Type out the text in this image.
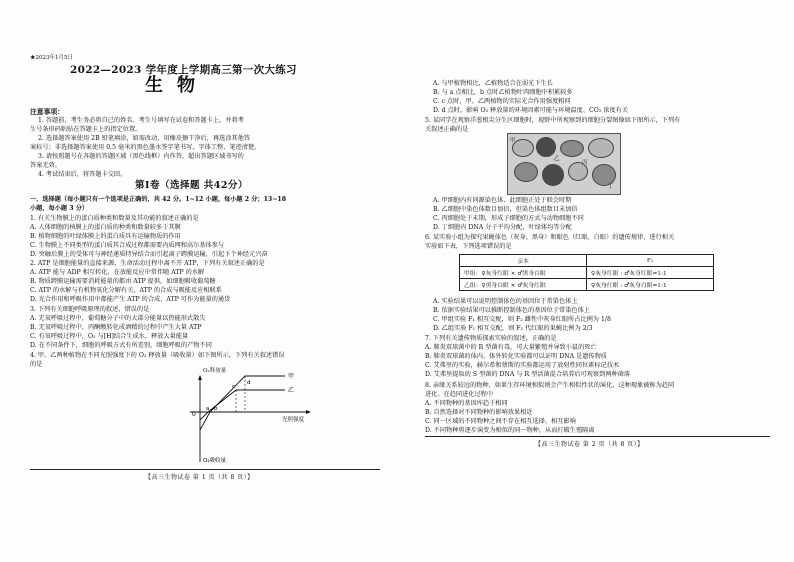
★2023年1月5日
2022—2023 学年度上学期高三第一次大练习
生物
注意事项：
1. 答题前，考生务必将自己的姓名、考生号填写在试卷和答题卡上，并将考
生号条形码粘贴在答题卡上的指定位置。
2. 选择题答案使用 2B 铅笔填涂，如需改动，用橡皮擦干净后，再选涂其他答
案标号；非选择题答案使用 0.5 毫米的黑色墨水签字笔书写，字体工整、笔迹清楚。
3. 请按照题号在各题的答题区域（黑色线框）内作答，超出答题区域书写的
答案无效。
4. 考试结束后，将答题卡交回。
第Ⅰ卷（选择题 共42分）
一、选择题（每小题只有一个选项是正确的，共 42 分。1~12 小题，每小题 2 分；13~18
小题，每小题 3 分）
1. 有关生物膜上的蛋白质种类和数量及其功能的叙述正确的是
A. 人体细胞的核膜上的蛋白质的种类和数量较多于其膜
B. 植物细胞的叶绿体膜上的蛋白质具有运输物质的作用
C. 生物膜上不同类型的蛋白质其合成过程都需要内质网和高尔基体参与
D. 突触后膜上的受体可与神经递质特异结合而引起离子跨膜运输，引起下个神经元兴奋
2. ATP 是细胞能量的直接来源，生命活动过程中离不开 ATP，下列有关叙述正确的是
A. ATP 能与 ADP 相互转化，在放能反应中常伴随 ATP 的水解
B. 物质跨膜运输需要消耗能量的都由 ATP 提供，如细胞吸收葡萄糖
C. ATP 的水解与有机物氧化分解有关，ATP 的合成与吸能反应相联系
D. 光合作用和呼吸作用中都能产生 ATP 的合成，ATP 可作为能量的通货
3. 下列有关细胞呼吸原理的叙述，错误的是
A. 无氧呼吸过程中，葡萄糖分子中的大部分能量以热能形式散失
B. 无氧呼吸过程中，丙酮酸转化成酒精的过程中产生大量 ATP
C. 有氧呼吸过程中，O₂ 与[H]结合生成水，释放大量能量
D. 在不同条件下，细胞的呼吸方式有所差别，细胞呼吸的产物不同
4. 甲、乙两种植物在不同光照强度下的 O₂ 释放量（吸收量）如下图所示，下列有关叙述错误
的是
0
a b
c
d
甲
乙
光照强度
O₂吸收量
O₂释放量
【高三生物试卷 第 1 页（共 8 页）】
A. 与甲植物相比，乙植物适合在弱光下生长
B. 与 a 点相比，b 点时乙植物叶肉细胞中积累较多
C. c 点时，甲、乙两植物的实际光合作用强度相同
D. d 点时，影响 O₂ 释放量的环境因素可能与环境温度、CO₂ 浓度有关
5. 某同学在观察洋葱根尖分生区细胞时，视野中所观察到的细胞分裂图像如下图所示，下列有
关叙述正确的是
甲
乙
丙
丁
A. 甲细胞内有同源染色体，此细胞正处于联会时期
B. 乙细胞中染色体数目加倍，但染色体组数目未加倍
C. 丙细胞处于末期，形成子细胞的方式与动物细胞不同
D. 丁细胞内 DNA 分子平均分配，叶绿体均等分配
6. 某实验小组为探究果蝇体色（灰身、黑身）和眼色（红眼、白眼）的遗传规律，进行相关
实验如下表，下列选项错误的是
亲本	F₁
甲组：♀灰身红眼 × ♂黑身白眼	♀灰身红眼 : ♂灰身红眼=1:1
乙组：♀黑身白眼 × ♂灰身红眼	♀灰身红眼 : ♂灰身白眼=1:1
A. 实验结果可以说明控制体色的基因位于常染色体上
B. 依据实验结果可以推断控制体色的基因位于常染色体上
C. 甲组实验 F₁ 相互交配，则 F₂ 雌性中灰身红眼所占比例为 1/8
D. 乙组实验 F₁ 相互交配，则 F₂ 代红眼的果蝇比例为 2/3
7. 下列有关遗传物质探索实验的叙述，正确的是
A. 肺炎双球菌中的 R 型菌有毒，可大量繁殖并导致小鼠的死亡
B. 肺炎双球菌的体内、体外转化实验都可以证明 DNA 是遗传物质
C. 艾弗里的实验，赫尔希和蔡斯的实验都运用了放射性同位素标记技术
D. 艾弗里提取的 S 型菌的 DNA 与 R 型活菌混合培养后可观察到两种菌落
8. 亲缘关系较远的物种，如果生存环境相似则会产生相似性状的演化，这种现象被称为趋同
进化。在趋同进化过程中
A. 不同物种的基因库趋于相同
B. 自然选择对不同物种的影响效果相近
C. 同一区域的不同物种之间不存在相互选择、相互影响
D. 不同物种将逐步演变为相似的同一物种，从而打破生殖隔离
【高三生物试卷 第 2 页（共 8 页）】
